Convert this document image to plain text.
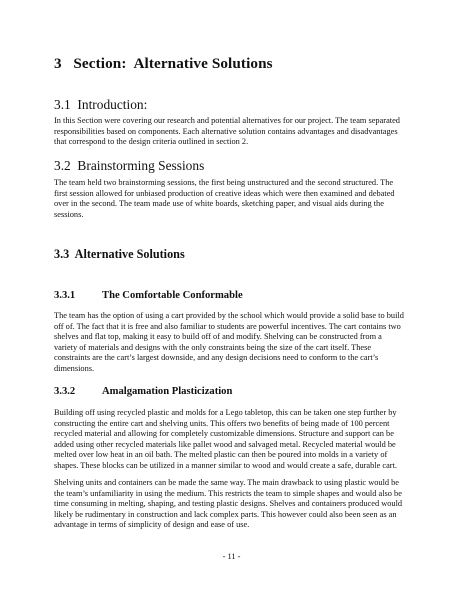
3   Section:  Alternative Solutions
3.1  Introduction:
In this Section were covering our research and potential alternatives for our project. The team separated
responsibilities based on components. Each alternative solution contains advantages and disadvantages
that correspond to the design criteria outlined in section 2.
3.2  Brainstorming Sessions
The team held two brainstorming sessions, the first being unstructured and the second structured. The
first session allowed for unbiased production of creative ideas which were then examined and debated
over in the second. The team made use of white boards, sketching paper, and visual aids during the
sessions.
3.3  Alternative Solutions
3.3.1	The Comfortable Conformable
The team has the option of using a cart provided by the school which would provide a solid base to build
off of. The fact that it is free and also familiar to students are powerful incentives. The cart contains two
shelves and flat top, making it easy to build off of and modify. Shelving can be constructed from a
variety of materials and designs with the only constraints being the size of the cart itself. These
constraints are the cart’s largest downside, and any design decisions need to conform to the cart’s
dimensions.
3.3.2	Amalgamation Plasticization
Building off using recycled plastic and molds for a Lego tabletop, this can be taken one step further by
constructing the entire cart and shelving units. This offers two benefits of being made of 100 percent
recycled material and allowing for completely customizable dimensions. Structure and support can be
added using other recycled materials like pallet wood and salvaged metal. Recycled material would be
melted over low heat in an oil bath. The melted plastic can then be poured into molds in a variety of
shapes. These blocks can be utilized in a manner similar to wood and would create a safe, durable cart.
Shelving units and containers can be made the same way. The main drawback to using plastic would be
the team’s unfamiliarity in using the medium. This restricts the team to simple shapes and would also be
time consuming in melting, shaping, and testing plastic designs. Shelves and containers produced would
likely be rudimentary in construction and lack complex parts. This however could also been seen as an
advantage in terms of simplicity of design and ease of use.
- 11 -
